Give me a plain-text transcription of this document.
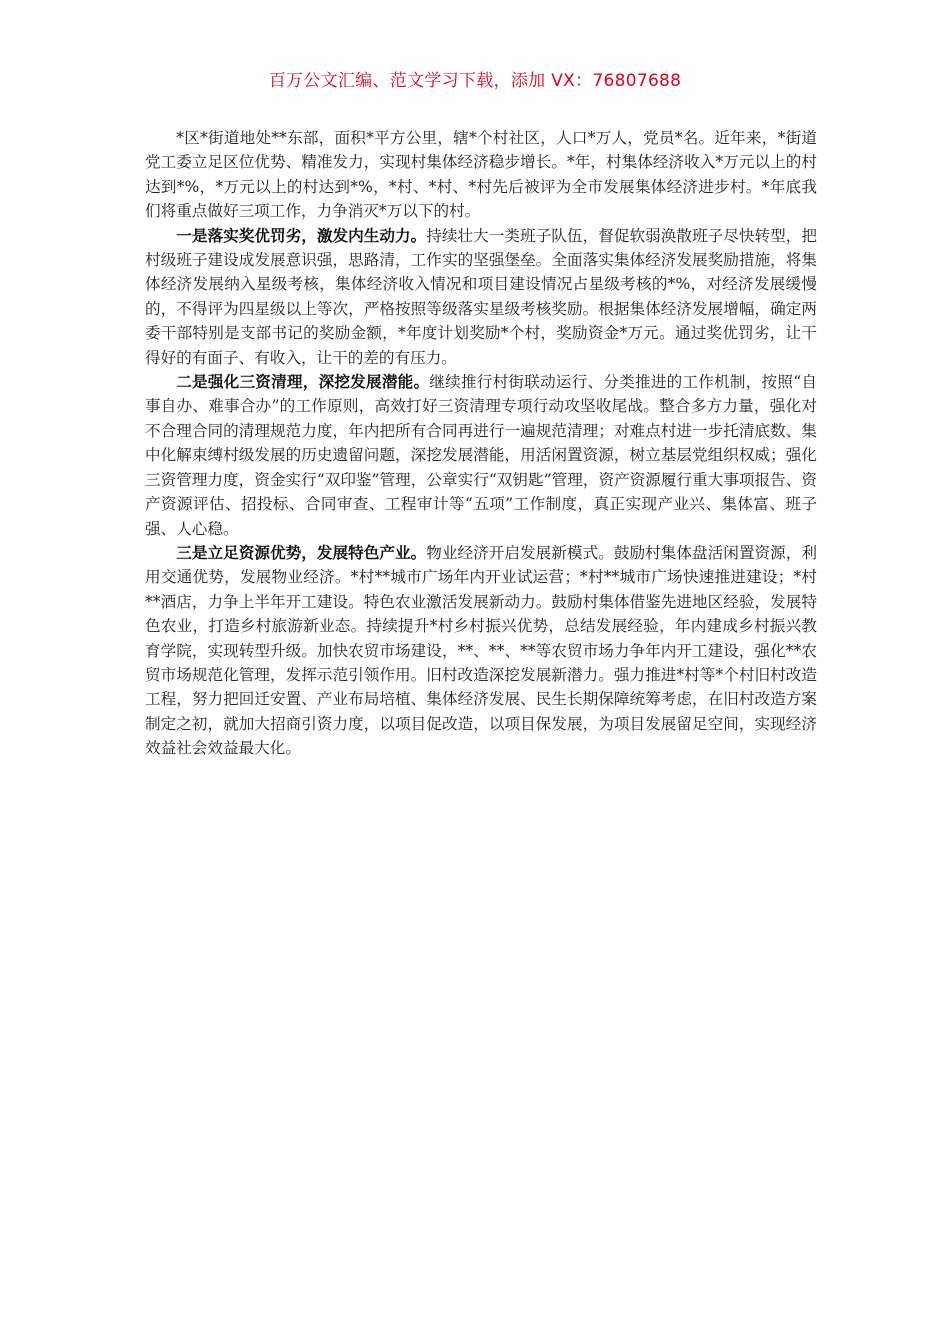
百万公文汇编、范文学习下载，添加 VX：76807688

*区*街道地处**东部，面积*平方公里，辖*个村社区，人口*万人，党员*名。近年来，*街道党工委立足区位优势、精准发力，实现村集体经济稳步增长。*年，村集体经济收入*万元以上的村达到*%，*万元以上的村达到*%，*村、*村、*村先后被评为全市发展集体经济进步村。*年底我们将重点做好三项工作，力争消灭*万以下的村。

一是落实奖优罚劣，激发内生动力。持续壮大一类班子队伍，督促软弱涣散班子尽快转型，把村级班子建设成发展意识强，思路清，工作实的坚强堡垒。全面落实集体经济发展奖励措施，将集体经济发展纳入星级考核，集体经济收入情况和项目建设情况占星级考核的*%，对经济发展缓慢的，不得评为四星级以上等次，严格按照等级落实星级考核奖励。根据集体经济发展增幅，确定两委干部特别是支部书记的奖励金额，*年度计划奖励*个村，奖励资金*万元。通过奖优罚劣，让干得好的有面子、有收入，让干的差的有压力。

二是强化三资清理，深挖发展潜能。继续推行村街联动运行、分类推进的工作机制，按照“自事自办、难事合办”的工作原则，高效打好三资清理专项行动攻坚收尾战。整合多方力量，强化对不合理合同的清理规范力度，年内把所有合同再进行一遍规范清理；对难点村进一步托清底数、集中化解束缚村级发展的历史遗留问题，深挖发展潜能，用活闲置资源，树立基层党组织权威；强化三资管理力度，资金实行“双印鉴”管理，公章实行“双钥匙”管理，资产资源履行重大事项报告、资产资源评估、招投标、合同审查、工程审计等“五项”工作制度，真正实现产业兴、集体富、班子强、人心稳。

三是立足资源优势，发展特色产业。物业经济开启发展新模式。鼓励村集体盘活闲置资源，利用交通优势，发展物业经济。*村**城市广场年内开业试运营；*村**城市广场快速推进建设；*村**酒店，力争上半年开工建设。特色农业激活发展新动力。鼓励村集体借鉴先进地区经验，发展特色农业，打造乡村旅游新业态。持续提升*村乡村振兴优势，总结发展经验，年内建成乡村振兴教育学院，实现转型升级。加快农贸市场建设，**、**、**等农贸市场力争年内开工建设，强化**农贸市场规范化管理，发挥示范引领作用。旧村改造深挖发展新潜力。强力推进*村等*个村旧村改造工程，努力把回迁安置、产业布局培植、集体经济发展、民生长期保障统筹考虑，在旧村改造方案制定之初，就加大招商引资力度，以项目促改造，以项目保发展，为项目发展留足空间，实现经济效益社会效益最大化。
